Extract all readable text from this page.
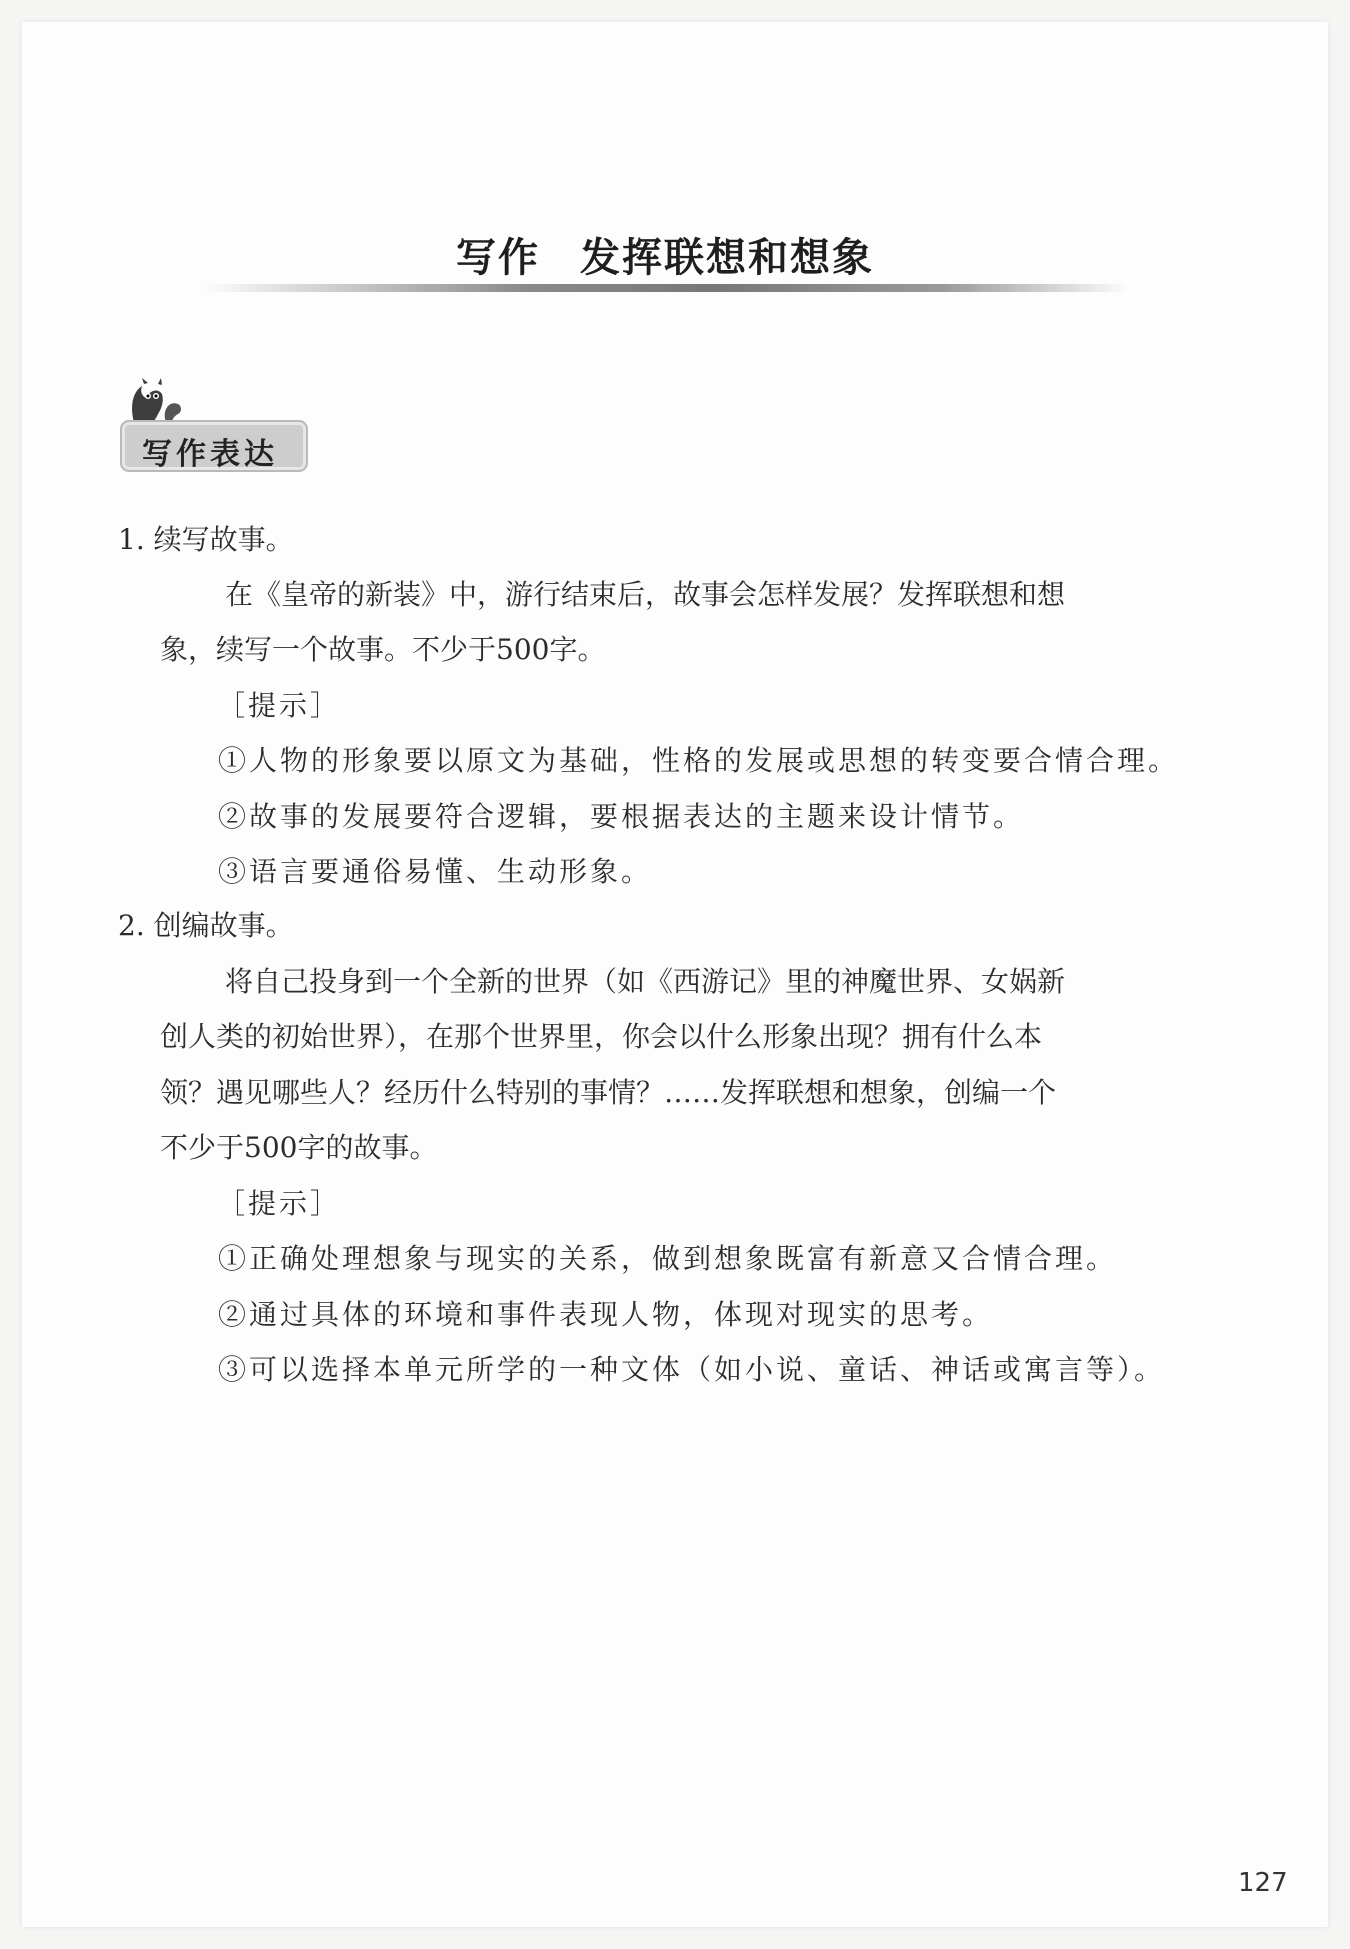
写作 发挥联想和想象
写作表达
1. 续写故事。
在《皇帝的新装》中，游行结束后，故事会怎样发展？发挥联想和想
象，续写一个故事。不少于500字。
［提示］
①人物的形象要以原文为基础，性格的发展或思想的转变要合情合理。
②故事的发展要符合逻辑，要根据表达的主题来设计情节。
③语言要通俗易懂、生动形象。
2. 创编故事。
将自己投身到一个全新的世界（如《西游记》里的神魔世界、女娲新
创人类的初始世界），在那个世界里，你会以什么形象出现？拥有什么本
领？遇见哪些人？经历什么特别的事情？……发挥联想和想象，创编一个
不少于500字的故事。
［提示］
①正确处理想象与现实的关系，做到想象既富有新意又合情合理。
②通过具体的环境和事件表现人物，体现对现实的思考。
③可以选择本单元所学的一种文体（如小说、童话、神话或寓言等）。
127
